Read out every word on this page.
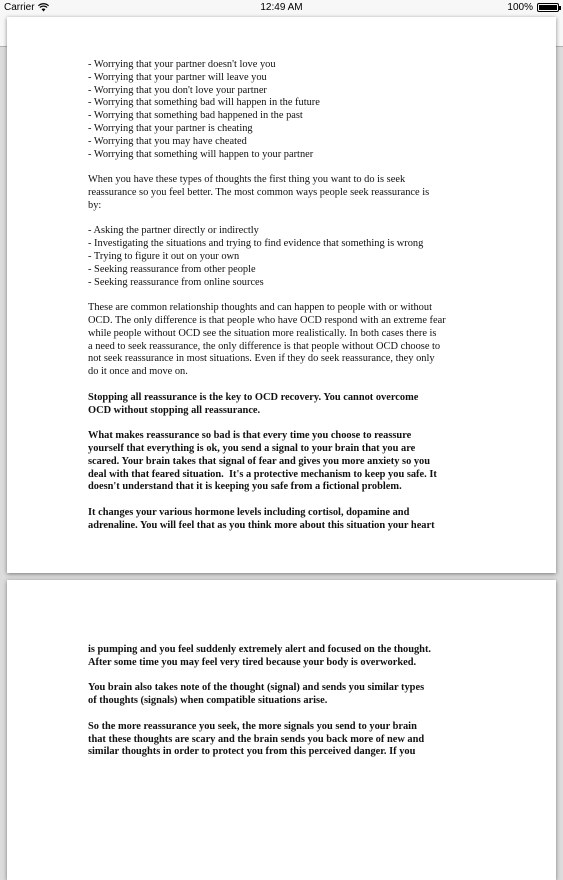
Carrier	12:49 AM	100%
- Worrying that your partner doesn't love you
- Worrying that your partner will leave you
- Worrying that you don't love your partner
- Worrying that something bad will happen in the future
- Worrying that something bad happened in the past
- Worrying that your partner is cheating
- Worrying that you may have cheated
- Worrying that something will happen to your partner
When you have these types of thoughts the first thing you want to do is seek
reassurance so you feel better. The most common ways people seek reassurance is
by:
- Asking the partner directly or indirectly
- Investigating the situations and trying to find evidence that something is wrong
- Trying to figure it out on your own
- Seeking reassurance from other people
- Seeking reassurance from online sources
These are common relationship thoughts and can happen to people with or without
OCD. The only difference is that people who have OCD respond with an extreme fear
while people without OCD see the situation more realistically. In both cases there is
a need to seek reassurance, the only difference is that people without OCD choose to
not seek reassurance in most situations. Even if they do seek reassurance, they only
do it once and move on.
Stopping all reassurance is the key to OCD recovery. You cannot overcome
OCD without stopping all reassurance.
What makes reassurance so bad is that every time you choose to reassure
yourself that everything is ok, you send a signal to your brain that you are
scared. Your brain takes that signal of fear and gives you more anxiety so you
deal with that feared situation.  It's a protective mechanism to keep you safe. It
doesn't understand that it is keeping you safe from a fictional problem.
It changes your various hormone levels including cortisol, dopamine and
adrenaline. You will feel that as you think more about this situation your heart
is pumping and you feel suddenly extremely alert and focused on the thought.
After some time you may feel very tired because your body is overworked.
You brain also takes note of the thought (signal) and sends you similar types
of thoughts (signals) when compatible situations arise.
So the more reassurance you seek, the more signals you send to your brain
that these thoughts are scary and the brain sends you back more of new and
similar thoughts in order to protect you from this perceived danger. If you
